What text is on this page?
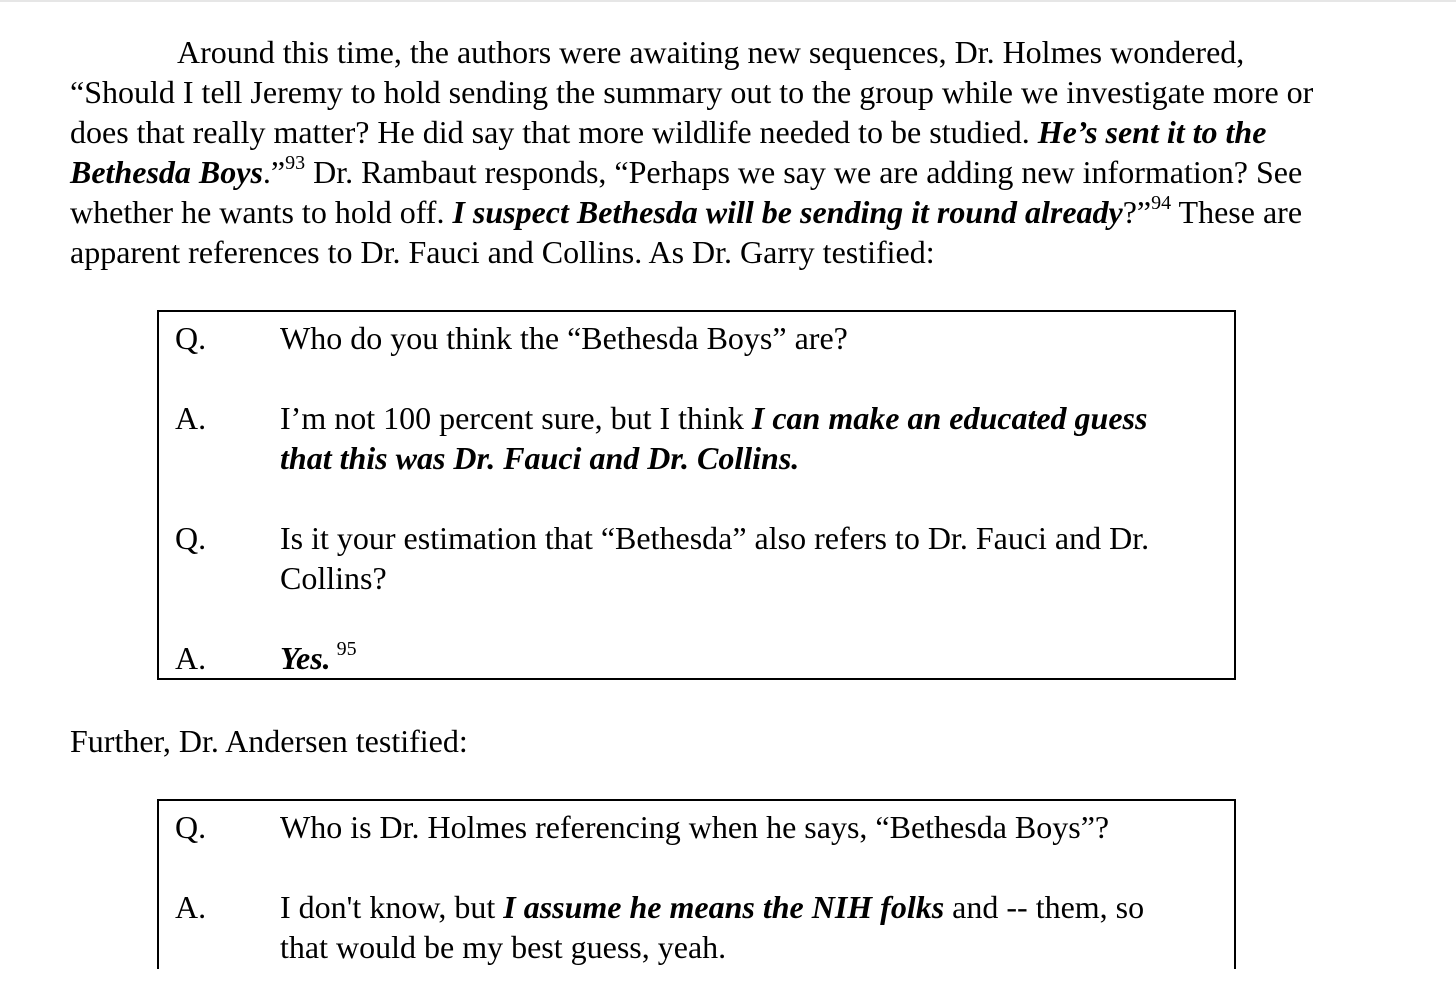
Around this time, the authors were awaiting new sequences, Dr. Holmes wondered,
“Should I tell Jeremy to hold sending the summary out to the group while we investigate more or
does that really matter? He did say that more wildlife needed to be studied. He’s sent it to the
Bethesda Boys.”$^{93}$ Dr. Rambaut responds, “Perhaps we say we are adding new information? See
whether he wants to hold off. I suspect Bethesda will be sending it round already?”$^{94}$ These are
apparent references to Dr. Fauci and Collins. As Dr. Garry testified:
Q. Who do you think the “Bethesda Boys” are?
A. I’m not 100 percent sure, but I think I can make an educated guess
that this was Dr. Fauci and Dr. Collins.
Q. Is it your estimation that “Bethesda” also refers to Dr. Fauci and Dr.
Collins?
A. Yes. $^{95}$
Further, Dr. Andersen testified:
Q. Who is Dr. Holmes referencing when he says, “Bethesda Boys”?
A. I don't know, but I assume he means the NIH folks and -- them, so
that would be my best guess, yeah.
